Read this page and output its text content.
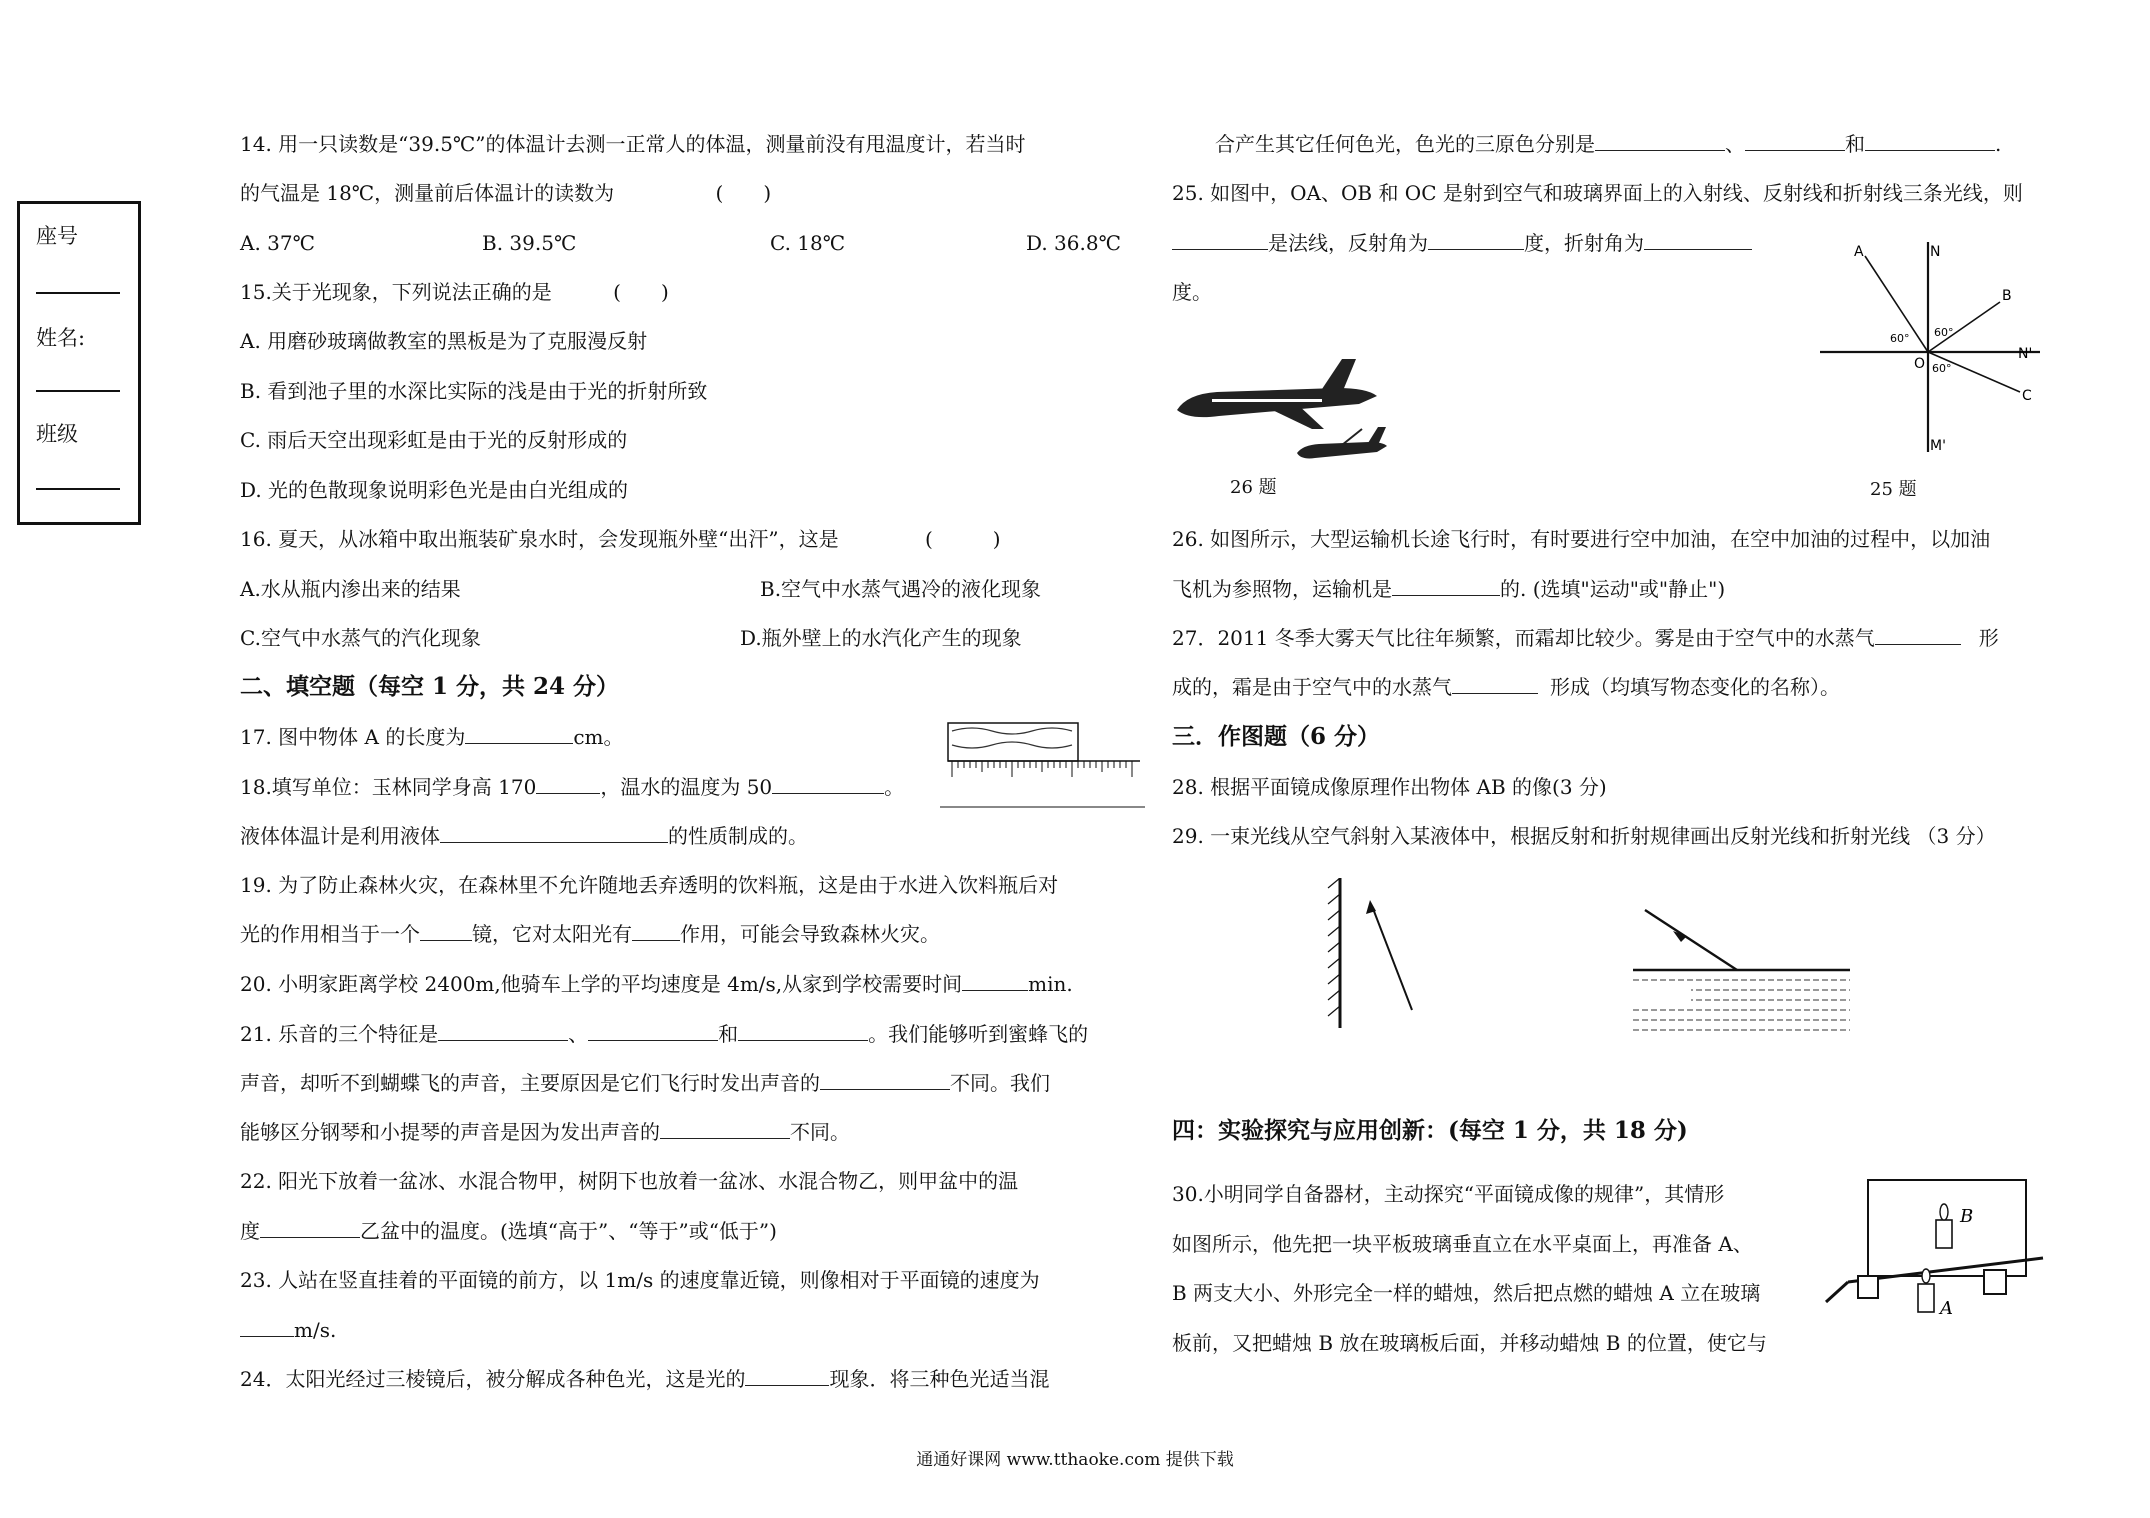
座号
姓名:
班级
14. 用一只读数是“39.5℃”的体温计去测一正常人的体温，测量前没有甩温度计，若当时
的气温是 18℃，测量前后体温计的读数为	(　　)
A. 37℃	B. 39.5℃	C. 18℃	D. 36.8℃
15.关于光现象，下列说法正确的是	(　　)
A. 用磨砂玻璃做教室的黑板是为了克服漫反射
B. 看到池子里的水深比实际的浅是由于光的折射所致
C. 雨后天空出现彩虹是由于光的反射形成的
D. 光的色散现象说明彩色光是由白光组成的
16. 夏天，从冰箱中取出瓶装矿泉水时，会发现瓶外壁“出汗”，这是	(　　　)
A.水从瓶内渗出来的结果	B.空气中水蒸气遇冷的液化现象
C.空气中水蒸气的汽化现象	D.瓶外壁上的水汽化产生的现象
二、填空题（每空 1 分，共 24 分）
17. 图中物体 A 的长度为	cm。
18.填写单位：玉林同学身高 170	，温水的温度为 50	。
液体体温计是利用液体	的性质制成的。
19. 为了防止森林火灾，在森林里不允许随地丢弃透明的饮料瓶，这是由于水进入饮料瓶后对
光的作用相当于一个	镜，它对太阳光有 作用，可能会导致森林火灾。
20. 小明家距离学校 2400m,他骑车上学的平均速度是 4m/s,从家到学校需要时间	min.
21. 乐音的三个特征是	、	和	。我们能够听到蜜蜂飞的
声音，却听不到蝴蝶飞的声音，主要原因是它们飞行时发出声音的	不同。我们
能够区分钢琴和小提琴的声音是因为发出声音的	不同。
22. 阳光下放着一盆冰、水混合物甲，树阴下也放着一盆冰、水混合物乙，则甲盆中的温
度	乙盆中的温度。(选填“高于”、“等于”或“低于”)
23. 人站在竖直挂着的平面镜的前方，以 1m/s 的速度靠近镜，则像相对于平面镜的速度为
m/s.
24．太阳光经过三棱镜后，被分解成各种色光，这是光的	现象．将三种色光适当混
合产生其它任何色光，色光的三原色分别是	、	和	.
25. 如图中，OA、OB 和 OC 是射到空气和玻璃界面上的入射线、反射线和折射线三条光线，则
是法线，反射角为	度，折射角为
度。
26 题
A
B
C
O
N
N'
M'
60° 60°
60°
25 题
26. 如图所示，大型运输机长途飞行时，有时要进行空中加油，在空中加油的过程中，以加油
飞机为参照物，运输机是	的. (选填"运动"或"静止")
27．2011 冬季大雾天气比往年频繁，而霜却比较少。雾是由于空气中的水蒸气	形
成的，霜是由于空气中的水蒸气	形成（均填写物态变化的名称）。
三．作图题（6 分）
28. 根据平面镜成像原理作出物体 AB 的像(3 分)
29. 一束光线从空气斜射入某液体中，根据反射和折射规律画出反射光线和折射光线 （3 分）
四：实验探究与应用创新：(每空 1 分，共 18 分)
30.小明同学自备器材，主动探究“平面镜成像的规律”，其情形
如图所示，他先把一块平板玻璃垂直立在水平桌面上，再准备 A、
B 两支大小、外形完全一样的蜡烛，然后把点燃的蜡烛 A 立在玻璃
板前，又把蜡烛 B 放在玻璃板后面，并移动蜡烛 B 的位置，使它与
B
A
通通好课网 www.tthaoke.com 提供下载
